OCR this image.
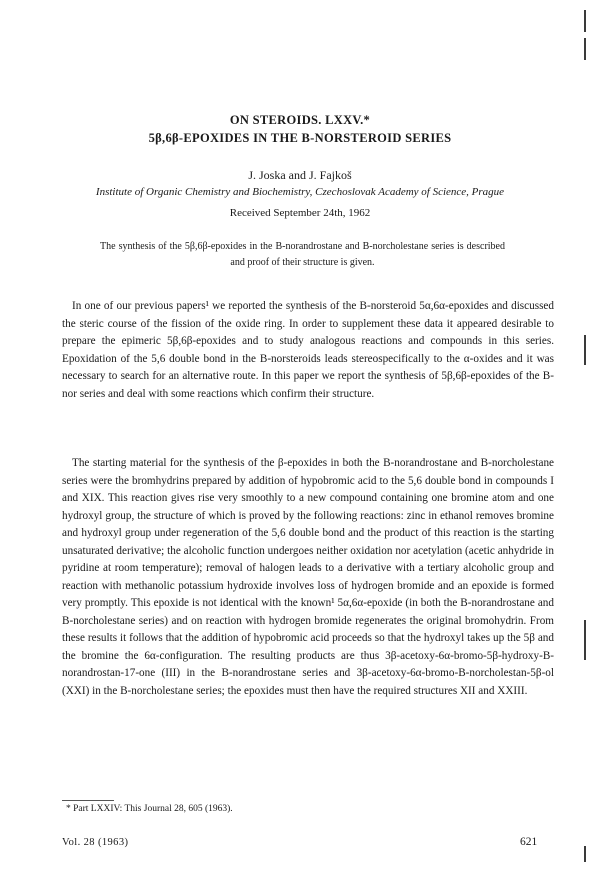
ON STEROIDS. LXXV.*
5β,6β-EPOXIDES IN THE B-NORSTEROID SERIES
J. Joska and J. Fajkoš
Institute of Organic Chemistry and Biochemistry, Czechoslovak Academy of Science, Prague
Received September 24th, 1962
The synthesis of the 5β,6β-epoxides in the B-norandrostane and B-norcholestane series is described and proof of their structure is given.
In one of our previous papers¹ we reported the synthesis of the B-norsteroid 5α,6α-epoxides and discussed the steric course of the fission of the oxide ring. In order to supplement these data it appeared desirable to prepare the epimeric 5β,6β-epoxides and to study analogous reactions and compounds in this series. Epoxidation of the 5,6 double bond in the B-norsteroids leads stereospecifically to the α-oxides and it was necessary to search for an alternative route. In this paper we report the synthesis of 5β,6β-epoxides of the B-nor series and deal with some reactions which confirm their structure.
The starting material for the synthesis of the β-epoxides in both the B-norandrostane and B-norcholestane series were the bromhydrins prepared by addition of hypobromic acid to the 5,6 double bond in compounds I and XIX. This reaction gives rise very smoothly to a new compound containing one bromine atom and one hydroxyl group, the structure of which is proved by the following reactions: zinc in ethanol removes bromine and hydroxyl group under regeneration of the 5,6 double bond and the product of this reaction is the starting unsaturated derivative; the alcoholic function undergoes neither oxidation nor acetylation (acetic anhydride in pyridine at room temperature); removal of halogen leads to a derivative with a tertiary alcoholic group and reaction with methanolic potassium hydroxide involves loss of hydrogen bromide and an epoxide is formed very promptly. This epoxide is not identical with the known¹ 5α,6α-epoxide (in both the B-norandrostane and B-norcholestane series) and on reaction with hydrogen bromide regenerates the original bromohydrin. From these results it follows that the addition of hypobromic acid proceeds so that the hydroxyl takes up the 5β and the bromine the 6α-configuration. The resulting products are thus 3β-acetoxy-6α-bromo-5β-hydroxy-B-norandrostan-17-one (III) in the B-norandrostane series and 3β-acetoxy-6α-bromo-B-norcholestan-5β-ol (XXI) in the B-norcholestane series; the epoxides must then have the required structures XII and XXIII.
* Part LXXIV: This Journal 28, 605 (1963).
Vol. 28 (1963)	621
